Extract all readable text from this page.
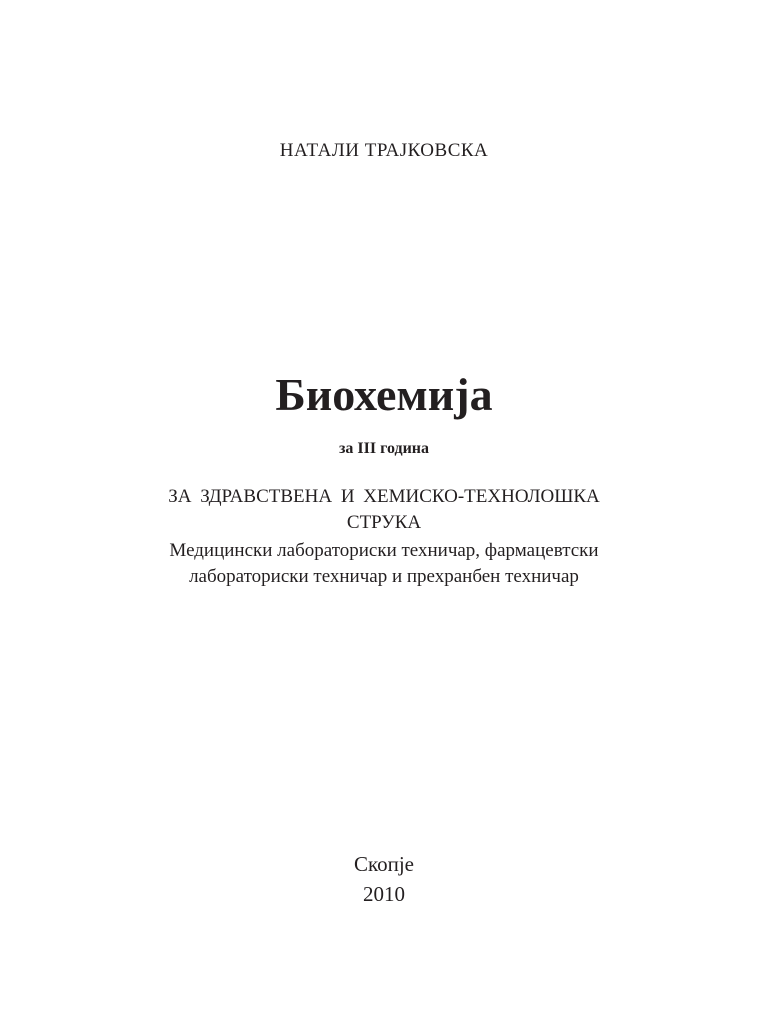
НАТАЛИ ТРАЈКОВСКА
Биохемија
за III година
ЗА ЗДРАВСТВЕНА И ХЕМИСКО-ТЕХНОЛОШКА
СТРУКА
Медицински лабораториски техничар, фармацевтски
лабораториски техничар и прехранбен техничар
Скопје
2010
